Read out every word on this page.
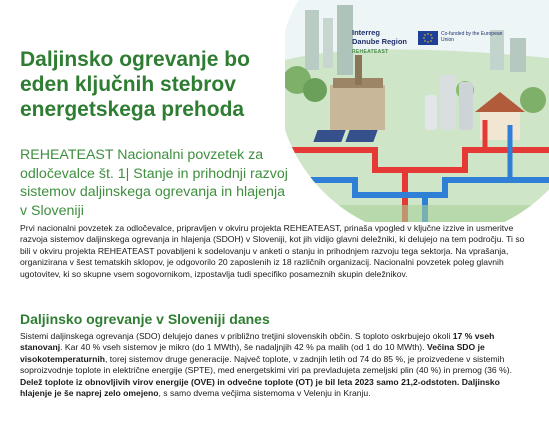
Interreg
Danube Region
Co-funded by the European Union
REHEATEAST
Daljinsko ogrevanje bo eden ključnih stebrov energetskega prehoda

REHEATEAST Nacionalni povzetek za odločevalce št. 1| Stanje in prihodnji razvoj sistemov daljinskega ogrevanja in hlajenja v Sloveniji

Prvi nacionalni povzetek za odločevalce, pripravljen v okviru projekta REHEATEAST, prinaša vpogled v ključne izzive in usmeritve razvoja sistemov daljinskega ogrevanja in hlajenja (SDOH) v Sloveniji, kot jih vidijo glavni deležniki, ki delujejo na tem področju. Ti so bili v okviru projekta REHEATEAST povabljeni k sodelovanju v anketi o stanju in prihodnjem razvoju tega sektorja. Na vprašanja, organizirana v šest tematskih sklopov, je odgovorilo 20 zaposlenih iz 18 različnih organizacij. Nacionalni povzetek poleg glavnih ugotovitev, ki so skupne vsem sogovornikom, izpostavlja tudi specifiko posameznih skupin deležnikov.

Daljinsko ogrevanje v Sloveniji danes

Sistemi daljinskega ogrevanja (SDO) delujejo danes v približno tretjini slovenskih občin. S toploto oskrbujejo okoli 17 % vseh stanovanj. Kar 40 % vseh sistemov je mikro (do 1 MWth), še nadaljnjih 42 % pa malih (od 1 do 10 MWth). Večina SDO je visokotemperaturnih, torej sistemov druge generacije. Največ toplote, v zadnjih letih od 74 do 85 %, je proizvedene v sistemih soproizvodnje toplote in električne energije (SPTE), med energetskimi viri pa prevladujeta zemeljski plin (40 %) in premog (36 %). Delež toplote iz obnovljivih virov energije (OVE) in odvečne toplote (OT) je bil leta 2023 samo 21,2-odstoten. Daljinsko hlajenje je še naprej zelo omejeno, s samo dvema večjima sistemoma v Velenju in Kranju.
